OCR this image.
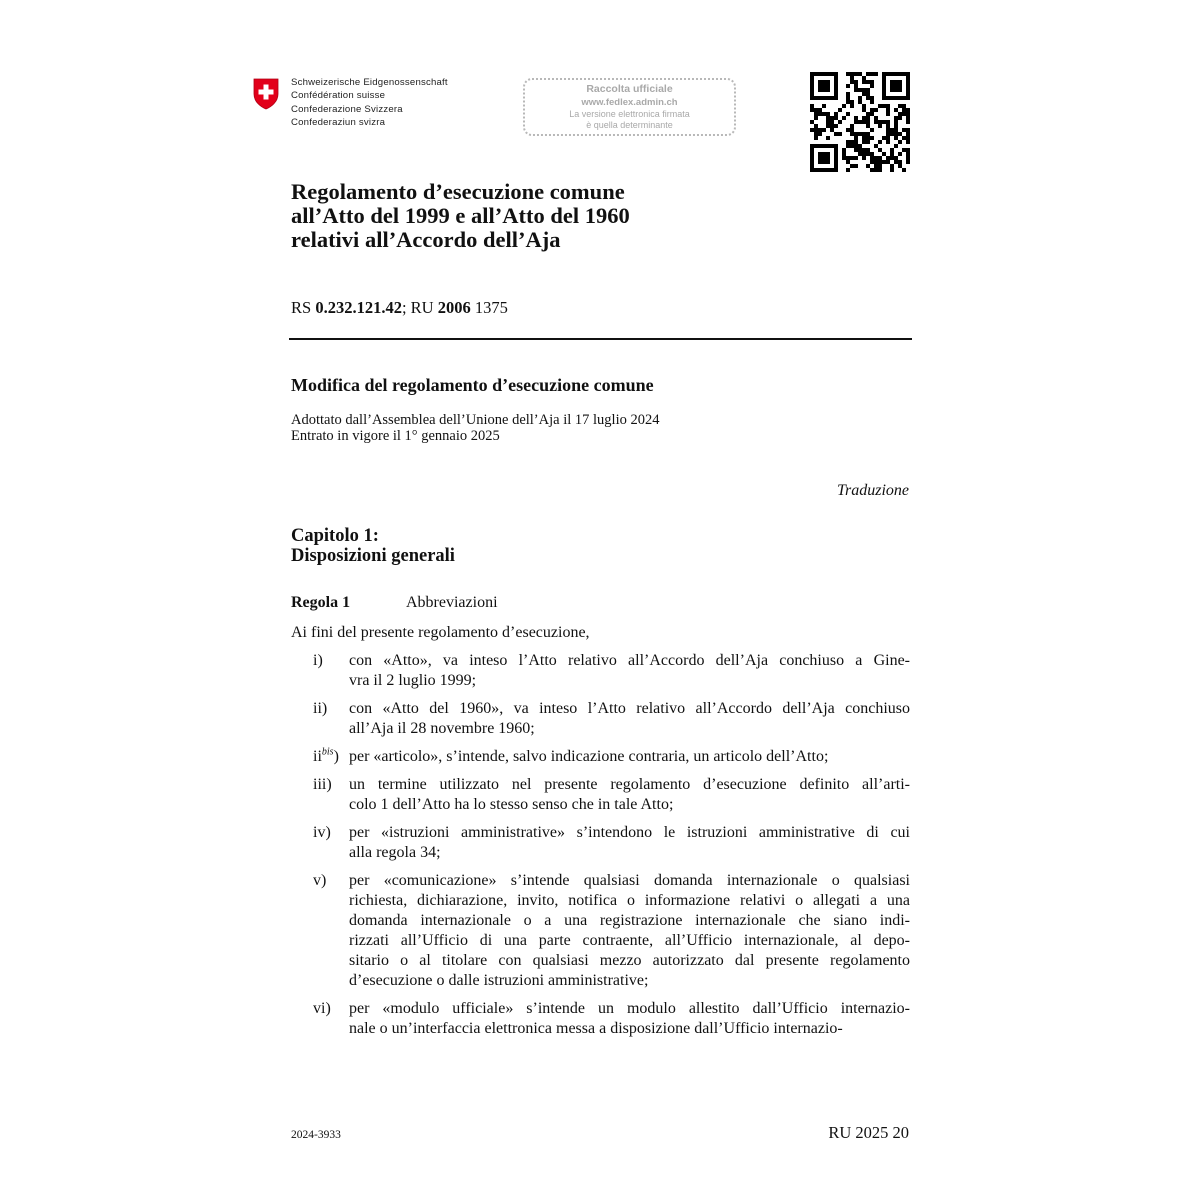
Schweizerische Eidgenossenschaft
Confédération suisse
Confederazione Svizzera
Confederaziun svizra
Raccolta ufficiale
www.fedlex.admin.ch
La versione elettronica firmata
è quella determinante
Regolamento d’esecuzione comune
all’Atto del 1999 e all’Atto del 1960
relativi all’Accordo dell’Aja
RS 0.232.121.42; RU 2006 1375
Modifica del regolamento d’esecuzione comune
Adottato dall’Assemblea dell’Unione dell’Aja il 17 luglio 2024
Entrato in vigore il 1° gennaio 2025
Traduzione
Capitolo 1:
Disposizioni generali
Regola 1	Abbreviazioni
Ai fini del presente regolamento d’esecuzione,
i)	con «Atto», va inteso l’Atto relativo all’Accordo dell’Aja conchiuso a Gine-
vra il 2 luglio 1999;
ii)	con «Atto del 1960», va inteso l’Atto relativo all’Accordo dell’Aja conchiuso
all’Aja il 28 novembre 1960;
$ii^{bis}$) per «articolo», s’intende, salvo indicazione contraria, un articolo dell’Atto;
iii)	un termine utilizzato nel presente regolamento d’esecuzione definito all’arti-
colo 1 dell’Atto ha lo stesso senso che in tale Atto;
iv)	per «istruzioni amministrative» s’intendono le istruzioni amministrative di cui
alla regola 34;
v)	per «comunicazione» s’intende qualsiasi domanda internazionale o qualsiasi
richiesta, dichiarazione, invito, notifica o informazione relativi o allegati a una
domanda internazionale o a una registrazione internazionale che siano indi-
rizzati all’Ufficio di una parte contraente, all’Ufficio internazionale, al depo-
sitario o al titolare con qualsiasi mezzo autorizzato dal presente regolamento
d’esecuzione o dalle istruzioni amministrative;
vi)	per «modulo ufficiale» s’intende un modulo allestito dall’Ufficio internazio-
nale o un’interfaccia elettronica messa a disposizione dall’Ufficio internazio-
2024-3933	RU 2025 20
